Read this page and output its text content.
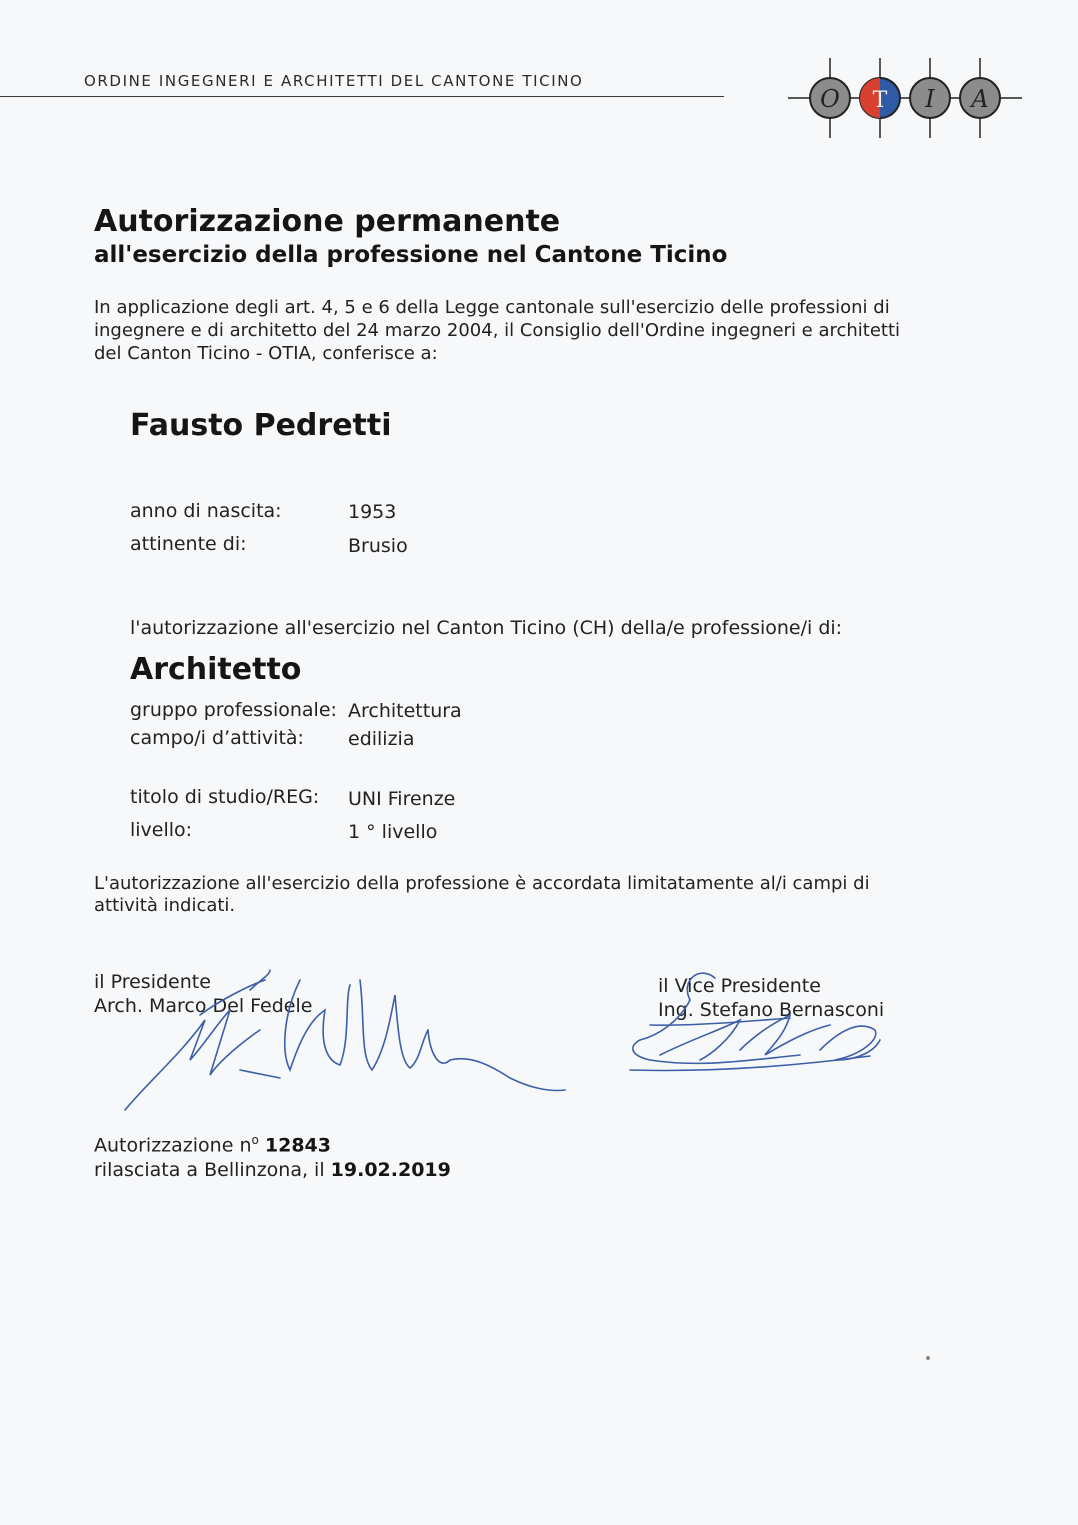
ORDINE INGEGNERI E ARCHITETTI DEL CANTONE TICINO
O T I A
Autorizzazione permanente
all'esercizio della professione nel Cantone Ticino
In applicazione degli art. 4, 5 e 6 della Legge cantonale sull'esercizio delle professioni di ingegnere e di architetto del 24 marzo 2004, il Consiglio dell'Ordine ingegneri e architetti del Canton Ticino - OTIA, conferisce a:
Fausto Pedretti
anno di nascita:	1953
attinente di:	Brusio
l'autorizzazione all'esercizio nel Canton Ticino (CH) della/e professione/i di:
Architetto
gruppo professionale: Architettura
campo/i d’attività: edilizia
titolo di studio/REG: UNI Firenze
livello:	1 ° livello
L'autorizzazione all'esercizio della professione è accordata limitatamente al/i campi di attività indicati.
il Presidente
Arch. Marco Del Fedele
il Vice Presidente
Ing. Stefano Bernasconi
Autorizzazione $n^o$ 12843
rilasciata a Bellinzona, il 19.02.2019
